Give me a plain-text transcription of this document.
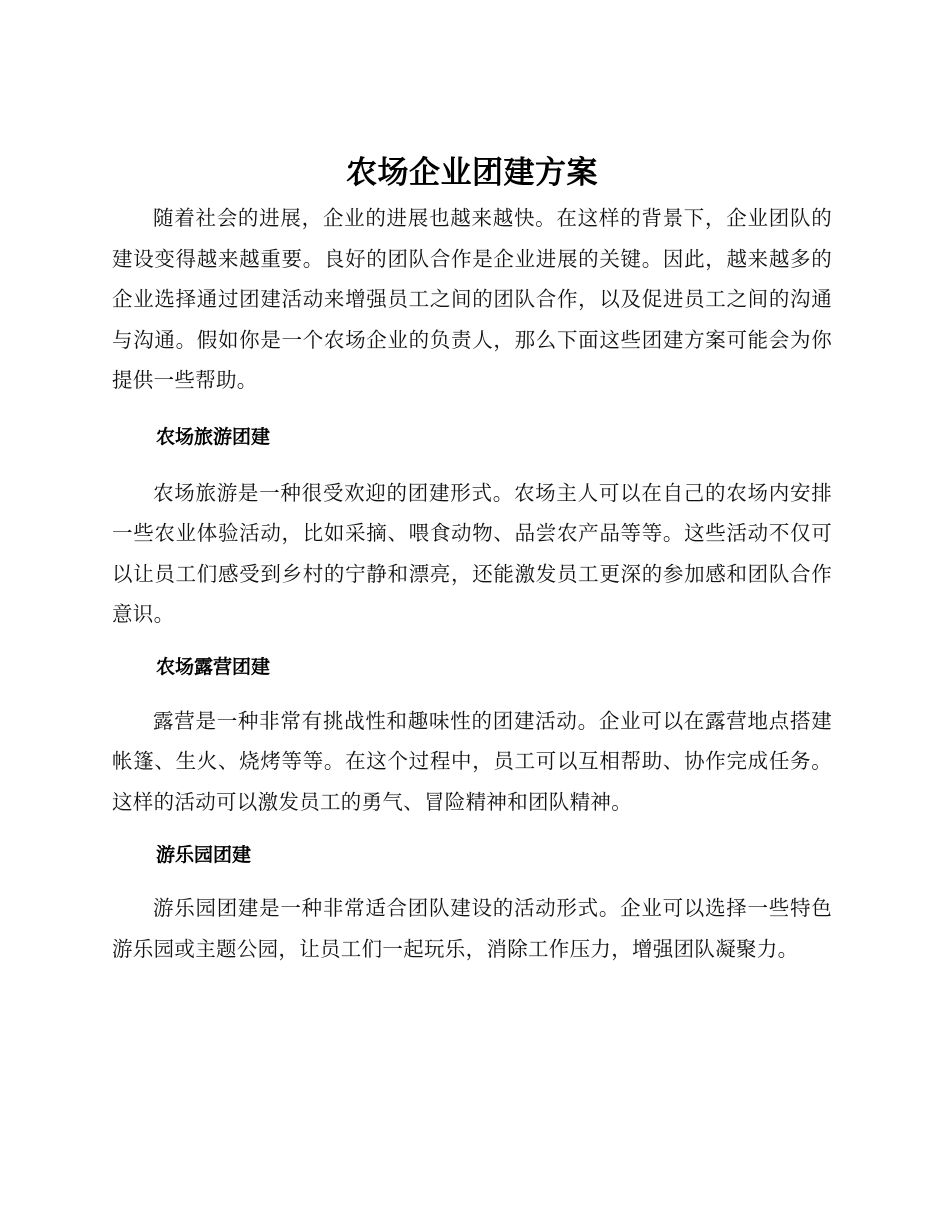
农场企业团建方案

随着社会的进展，企业的进展也越来越快。在这样的背景下，企业团队的建设变得越来越重要。良好的团队合作是企业进展的关键。因此，越来越多的企业选择通过团建活动来增强员工之间的团队合作，以及促进员工之间的沟通与沟通。假如你是一个农场企业的负责人，那么下面这些团建方案可能会为你提供一些帮助。

农场旅游团建

农场旅游是一种很受欢迎的团建形式。农场主人可以在自己的农场内安排一些农业体验活动，比如采摘、喂食动物、品尝农产品等等。这些活动不仅可以让员工们感受到乡村的宁静和漂亮，还能激发员工更深的参加感和团队合作意识。

农场露营团建

露营是一种非常有挑战性和趣味性的团建活动。企业可以在露营地点搭建帐篷、生火、烧烤等等。在这个过程中，员工可以互相帮助、协作完成任务。这样的活动可以激发员工的勇气、冒险精神和团队精神。

游乐园团建

游乐园团建是一种非常适合团队建设的活动形式。企业可以选择一些特色游乐园或主题公园，让员工们一起玩乐，消除工作压力，增强团队凝聚力。
